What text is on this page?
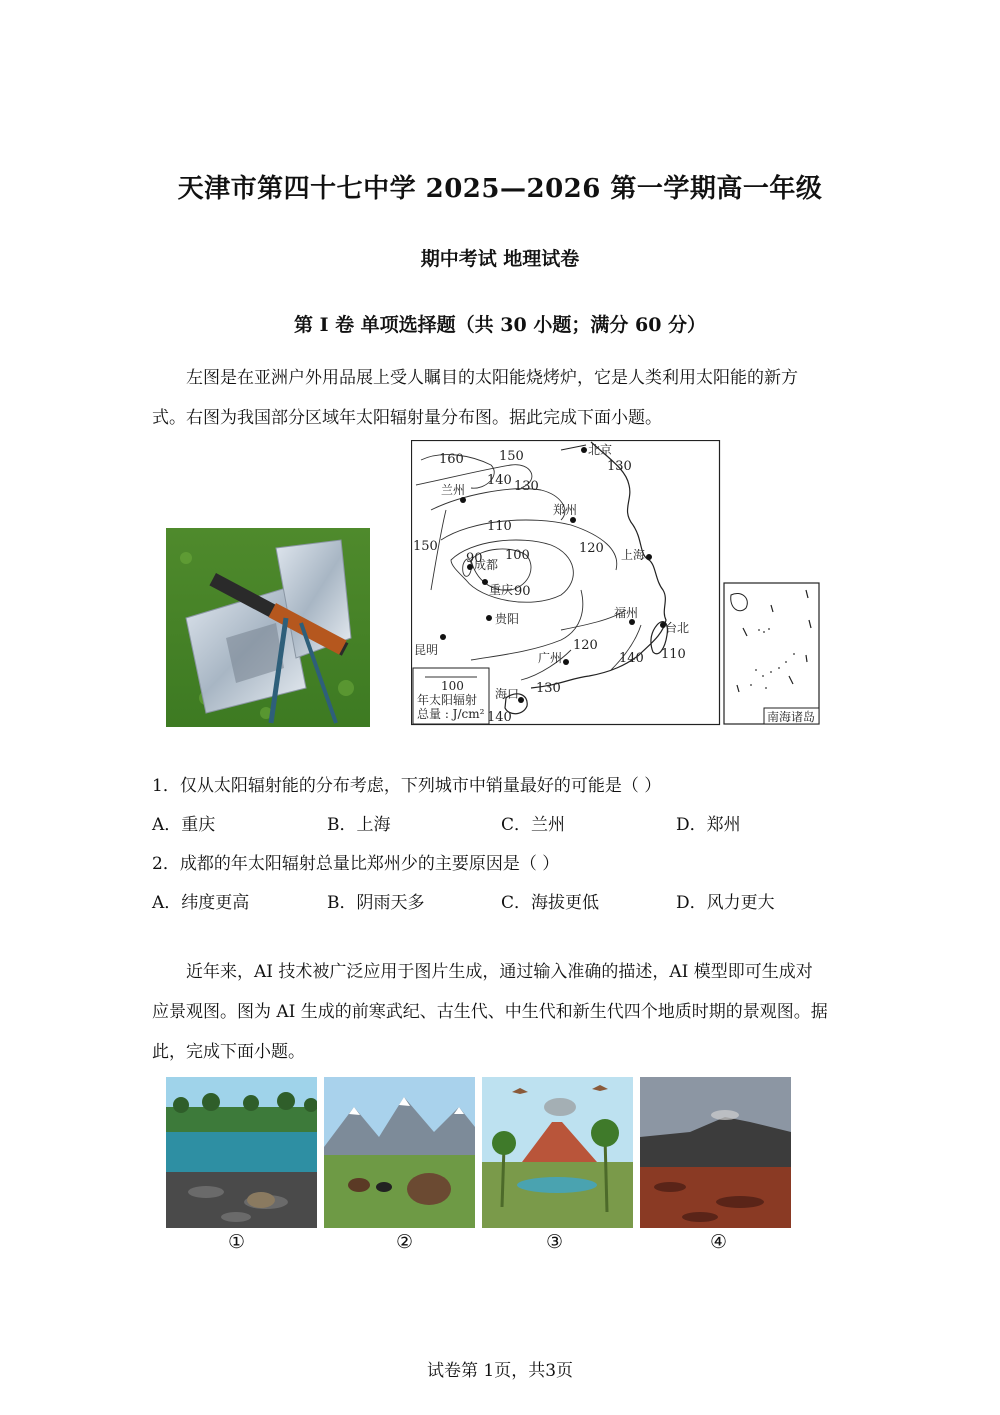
天津市第四十七中学 2025—2026 第一学期高一年级
期中考试 地理试卷
第 I 卷 单项选择题（共 30 小题；满分 60 分）
左图是在亚洲户外用品展上受人瞩目的太阳能烧烤炉，它是人类利用太阳能的新方
式。右图为我国部分区域年太阳辐射量分布图。据此完成下面小题。
100
年太阳辐射
总量 : J/cm²
北京
兰州
郑州
成都
重庆
贵阳
上海
福州
台北
昆明
广州
海口
160	150
140 130
130
110
100
90
90
120
150
120
140 110
130
140	南海诸岛
1．仅从太阳辐射能的分布考虑，下列城市中销量最好的可能是（ ）
A．重庆	B．上海	C．兰州	D．郑州
2．成都的年太阳辐射总量比郑州少的主要原因是（ ）
A．纬度更高	B．阴雨天多	C．海拔更低	D．风力更大
近年来，AI 技术被广泛应用于图片生成，通过输入准确的描述，AI 模型即可生成对
应景观图。图为 AI 生成的前寒武纪、古生代、中生代和新生代四个地质时期的景观图。据
此，完成下面小题。
①	②	③	④
试卷第 1页，共3页
